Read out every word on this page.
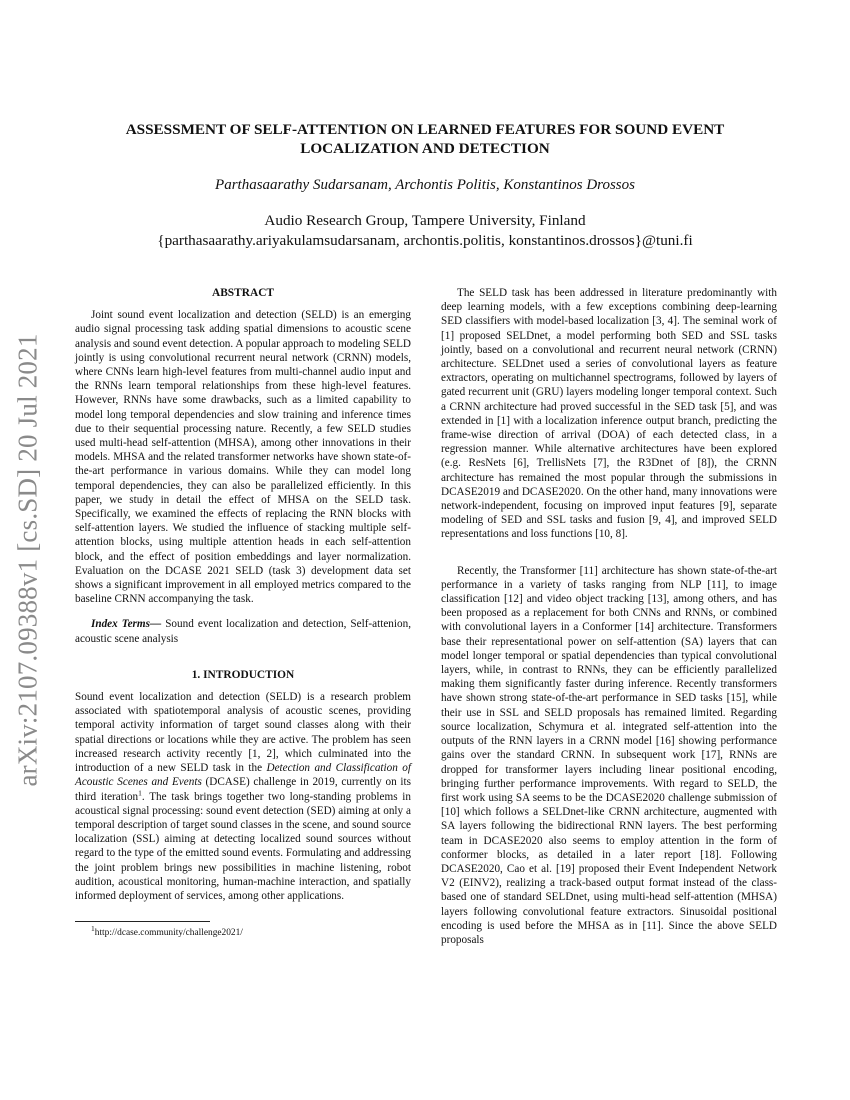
arXiv:2107.09388v1 [cs.SD] 20 Jul 2021
ASSESSMENT OF SELF-ATTENTION ON LEARNED FEATURES FOR SOUND EVENT LOCALIZATION AND DETECTION

Parthasaarathy Sudarsanam, Archontis Politis, Konstantinos Drossos

Audio Research Group, Tampere University, Finland
{parthasaarathy.ariyakulamsudarsanam, archontis.politis, konstantinos.drossos}@tuni.fi
ABSTRACT

Joint sound event localization and detection (SELD) is an emerging audio signal processing task adding spatial dimensions to acoustic scene analysis and sound event detection. A popular approach to modeling SELD jointly is using convolutional recurrent neural network (CRNN) models, where CNNs learn high-level features from multi-channel audio input and the RNNs learn temporal relationships from these high-level features. However, RNNs have some drawbacks, such as a limited capability to model long temporal dependencies and slow training and inference times due to their sequential processing nature. Recently, a few SELD studies used multi-head self-attention (MHSA), among other innovations in their models. MHSA and the related transformer networks have shown state-of-the-art performance in various domains. While they can model long temporal dependencies, they can also be parallelized efficiently. In this paper, we study in detail the effect of MHSA on the SELD task. Specifically, we examined the effects of replacing the RNN blocks with self-attention layers. We studied the influence of stacking multiple self-attention blocks, using multiple attention heads in each self-attention block, and the effect of position embeddings and layer normalization. Evaluation on the DCASE 2021 SELD (task 3) development data set shows a significant improvement in all employed metrics compared to the baseline CRNN accompanying the task.

Index Terms— Sound event localization and detection, Self-attenion, acoustic scene analysis

1. INTRODUCTION

Sound event localization and detection (SELD) is a research problem associated with spatiotemporal analysis of acoustic scenes, providing temporal activity information of target sound classes along with their spatial directions or locations while they are active. The problem has seen increased research activity recently [1, 2], which culminated into the introduction of a new SELD task in the Detection and Classification of Acoustic Scenes and Events (DCASE) challenge in 2019, currently on its third iteration$^1$. The task brings together two long-standing problems in acoustical signal processing: sound event detection (SED) aiming at only a temporal description of target sound classes in the scene, and sound source localization (SSL) aiming at detecting localized sound sources without regard to the type of the emitted sound events. Formulating and addressing the joint problem brings new possibilities in machine listening, robot audition, acoustical monitoring, human-machine interaction, and spatially informed deployment of services, among other applications.

$^1$http://dcase.community/challenge2021/

The SELD task has been addressed in literature predominantly with deep learning models, with a few exceptions combining deep-learning SED classifiers with model-based localization [3, 4]. The seminal work of [1] proposed SELDnet, a model performing both SED and SSL tasks jointly, based on a convolutional and recurrent neural network (CRNN) architecture. SELDnet used a series of convolutional layers as feature extractors, operating on multichannel spectrograms, followed by layers of gated recurrent unit (GRU) layers modeling longer temporal context. Such a CRNN architecture had proved successful in the SED task [5], and was extended in [1] with a localization inference output branch, predicting the frame-wise direction of arrival (DOA) of each detected class, in a regression manner. While alternative architectures have been explored (e.g. ResNets [6], TrellisNets [7], the R3Dnet of [8]), the CRNN architecture has remained the most popular through the submissions in DCASE2019 and DCASE2020. On the other hand, many innovations were network-independent, focusing on improved input features [9], separate modeling of SED and SSL tasks and fusion [9, 4], and improved SELD representations and loss functions [10, 8].

Recently, the Transformer [11] architecture has shown state-of-the-art performance in a variety of tasks ranging from NLP [11], to image classification [12] and video object tracking [13], among others, and has been proposed as a replacement for both CNNs and RNNs, or combined with convolutional layers in a Conformer [14] architecture. Transformers base their representational power on self-attention (SA) layers that can model longer temporal or spatial dependencies than typical convolutional layers, while, in contrast to RNNs, they can be efficiently parallelized making them significantly faster during inference. Recently transformers have shown strong state-of-the-art performance in SED tasks [15], while their use in SSL and SELD proposals has remained limited. Regarding source localization, Schymura et al. integrated self-attention into the outputs of the RNN layers in a CRNN model [16] showing performance gains over the standard CRNN. In subsequent work [17], RNNs are dropped for transformer layers including linear positional encoding, bringing further performance improvements. With regard to SELD, the first work using SA seems to be the DCASE2020 challenge submission of [10] which follows a SELDnet-like CRNN architecture, augmented with SA layers following the bidirectional RNN layers. The best performing team in DCASE2020 also seems to employ attention in the form of conformer blocks, as detailed in a later report [18]. Following DCASE2020, Cao et al. [19] proposed their Event Independent Network V2 (EINV2), realizing a track-based output format instead of the class-based one of standard SELDnet, using multi-head self-attention (MHSA) layers following convolutional feature extractors. Sinusoidal positional encoding is used before the MHSA as in [11]. Since the above SELD proposals
